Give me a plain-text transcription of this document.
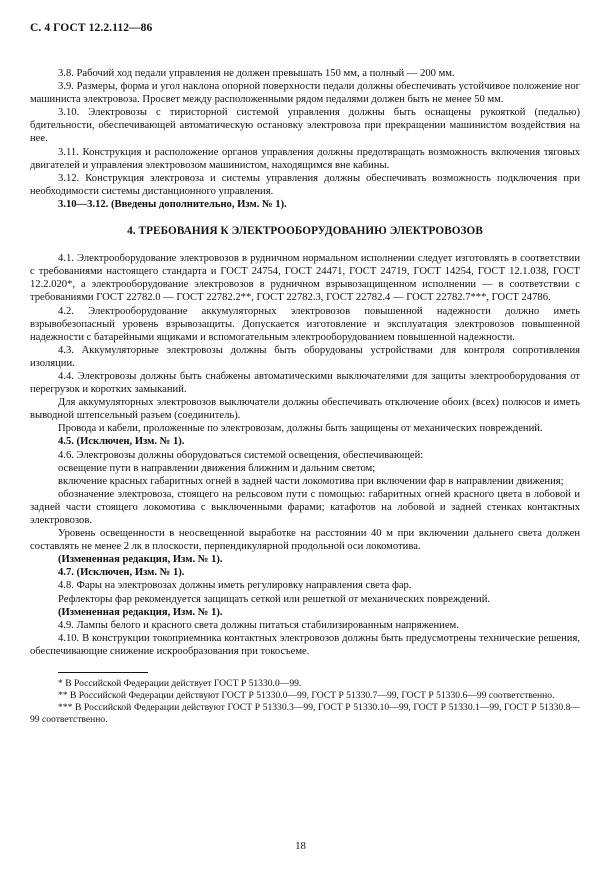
С. 4 ГОСТ 12.2.112—86

3.8. Рабочий ход педали управления не должен превышать 150 мм, а полный — 200 мм.

3.9. Размеры, форма и угол наклона опорной поверхности педали должны обеспечивать устойчивое положение ног машиниста электровоза. Просвет между расположенными рядом педалями должен быть не менее 50 мм.

3.10. Электровозы с тиристорной системой управления должны быть оснащены рукояткой (педалью) бдительности, обеспечивающей автоматическую остановку электровоза при прекращении машинистом воздействия на нее.

3.11. Конструкция и расположение органов управления должны предотвращать возможность включения тяговых двигателей и управления электровозом машинистом, находящимся вне кабины.

3.12. Конструкция электровоза и системы управления должны обеспечивать возможность подключения при необходимости системы дистанционного управления.

3.10—3.12. (Введены дополнительно, Изм. № 1).

4. ТРЕБОВАНИЯ К ЭЛЕКТРООБОРУДОВАНИЮ ЭЛЕКТРОВОЗОВ

4.1. Электрооборудование электровозов в рудничном нормальном исполнении следует изготовлять в соответствии с требованиями настоящего стандарта и ГОСТ 24754, ГОСТ 24471, ГОСТ 24719, ГОСТ 14254, ГОСТ 12.1.038, ГОСТ 12.2.020*, а электрооборудование электровозов в рудничном взрывозащищенном исполнении — в соответствии с требованиями ГОСТ 22782.0 — ГОСТ 22782.2**, ГОСТ 22782.3, ГОСТ 22782.4 — ГОСТ 22782.7***, ГОСТ 24786.

4.2. Электрооборудование аккумуляторных электровозов повышенной надежности должно иметь взрывобезопасный уровень взрывозащиты. Допускается изготовление и эксплуатация электровозов повышенной надежности с батарейными ящиками и вспомогательным электрооборудованием повышенной надежности.

4.3. Аккумуляторные электровозы должны быть оборудованы устройствами для контроля сопротивления изоляции.

4.4. Электровозы должны быть снабжены автоматическими выключателями для защиты электрооборудования от перегрузок и коротких замыканий.

Для аккумуляторных электровозов выключатели должны обеспечивать отключение обоих (всех) полюсов и иметь выводной штепсельный разъем (соединитель).

Провода и кабели, проложенные по электровозам, должны быть защищены от механических повреждений.

4.5. (Исключен, Изм. № 1).

4.6. Электровозы должны оборудоваться системой освещения, обеспечивающей:

освещение пути в направлении движения ближним и дальним светом;

включение красных габаритных огней в задней части локомотива при включении фар в направлении движения;

обозначение электровоза, стоящего на рельсовом пути с помощью: габаритных огней красного цвета в лобовой и задней части стоящего локомотива с выключенными фарами; катафотов на лобовой и задней стенках контактных электровозов.

Уровень освещенности в неосвещенной выработке на расстоянии 40 м при включении дальнего света должен составлять не менее 2 лк в плоскости, перпендикулярной продольной оси локомотива.

(Измененная редакция, Изм. № 1).

4.7. (Исключен, Изм. № 1).

4.8. Фары на электровозах должны иметь регулировку направления света фар.

Рефлекторы фар рекомендуется защищать сеткой или решеткой от механических повреждений.

(Измененная редакция, Изм. № 1).

4.9. Лампы белого и красного света должны питаться стабилизированным напряжением.

4.10. В конструкции токоприемника контактных электровозов должны быть предусмотрены технические решения, обеспечивающие снижение искрообразования при токосъеме.

* В Российской Федерации действует ГОСТ Р 51330.0—99.

** В Российской Федерации действуют ГОСТ Р 51330.0—99, ГОСТ Р 51330.7—99, ГОСТ Р 51330.6—99 соответственно.

*** В Российской Федерации действуют ГОСТ Р 51330.3—99, ГОСТ Р 51330.10—99, ГОСТ Р 51330.1—99, ГОСТ Р 51330.8—99 соответственно.

18
